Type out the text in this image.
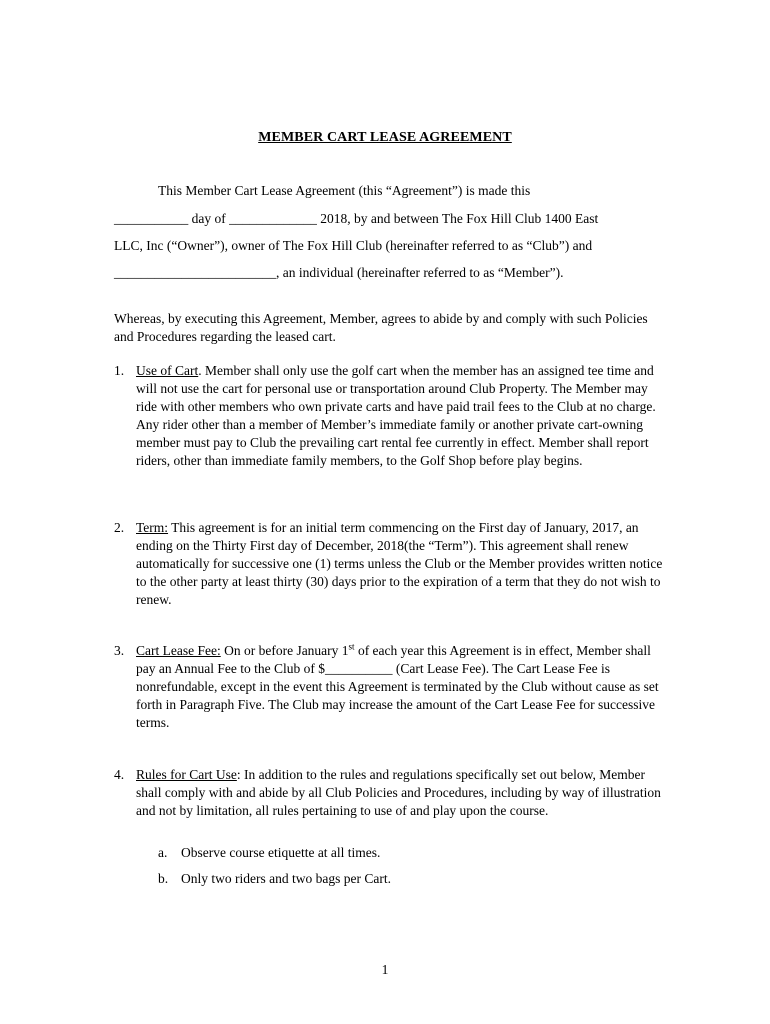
MEMBER CART LEASE AGREEMENT
This Member Cart Lease Agreement (this “Agreement”) is made this
___________ day of _____________ 2018, by and between The Fox Hill Club 1400 East
LLC, Inc (“Owner”), owner of The Fox Hill Club (hereinafter referred to as “Club”) and
________________________, an individual (hereinafter referred to as “Member”).
Whereas, by executing this Agreement, Member, agrees to abide by and comply with such Policies and Procedures regarding the leased cart.
1. Use of Cart. Member shall only use the golf cart when the member has an assigned tee time and will not use the cart for personal use or transportation around Club Property. The Member may ride with other members who own private carts and have paid trail fees to the Club at no charge. Any rider other than a member of Member’s immediate family or another private cart-owning member must pay to Club the prevailing cart rental fee currently in effect. Member shall report riders, other than immediate family members, to the Golf Shop before play begins.
2. Term: This agreement is for an initial term commencing on the First day of January, 2017, an ending on the Thirty First day of December, 2018(the “Term”). This agreement shall renew automatically for successive one (1) terms unless the Club or the Member provides written notice to the other party at least thirty (30) days prior to the expiration of a term that they do not wish to renew.
3. Cart Lease Fee: On or before January 1st of each year this Agreement is in effect, Member shall pay an Annual Fee to the Club of $__________ (Cart Lease Fee). The Cart Lease Fee is nonrefundable, except in the event this Agreement is terminated by the Club without cause as set forth in Paragraph Five. The Club may increase the amount of the Cart Lease Fee for successive terms.
4. Rules for Cart Use: In addition to the rules and regulations specifically set out below, Member shall comply with and abide by all Club Policies and Procedures, including by way of illustration and not by limitation, all rules pertaining to use of and play upon the course.
a. Observe course etiquette at all times.
b. Only two riders and two bags per Cart.
1
